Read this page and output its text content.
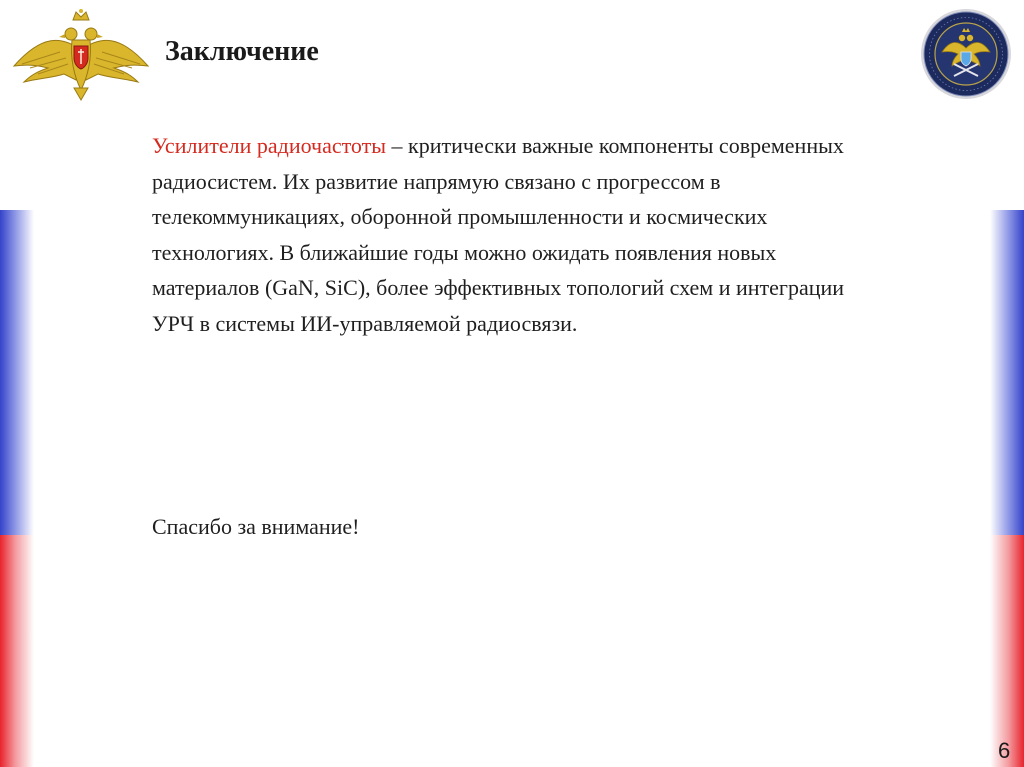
Заключение
Усилители радиочастоты – критически важные компоненты современных радиосистем. Их развитие напрямую связано с прогрессом в телекоммуникациях, оборонной промышленности и космических технологиях. В ближайшие годы можно ожидать появления новых материалов (GaN, SiC), более эффективных топологий схем и интеграции УРЧ в системы ИИ-управляемой радиосвязи.
Спасибо за внимание!
6
